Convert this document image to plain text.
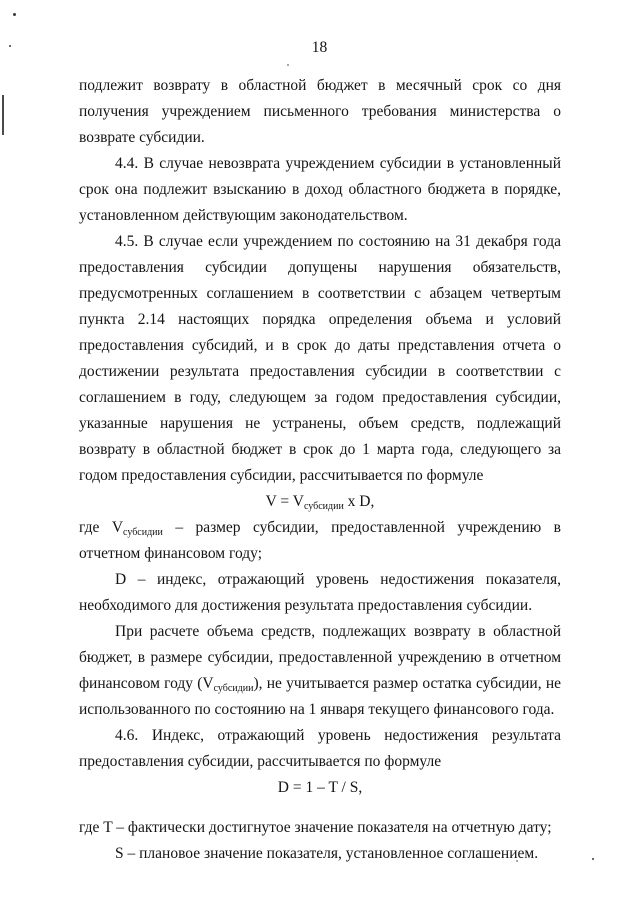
18

подлежит возврату в областной бюджет в месячный срок со дня получения учреждением письменного требования министерства о возврате субсидии.

4.4. В случае невозврата учреждением субсидии в установленный срок она подлежит взысканию в доход областного бюджета в порядке, установленном действующим законодательством.

4.5. В случае если учреждением по состоянию на 31 декабря года предоставления субсидии допущены нарушения обязательств, предусмотренных соглашением в соответствии с абзацем четвертым пункта 2.14 настоящих порядка определения объема и условий предоставления субсидий, и в срок до даты представления отчета о достижении результата предоставления субсидии в соответствии с соглашением в году, следующем за годом предоставления субсидии, указанные нарушения не устранены, объем средств, подлежащий возврату в областной бюджет в срок до 1 марта года, следующего за годом предоставления субсидии, рассчитывается по формуле

$V = V_{субсидии}$ x D,

где $V_{субсидии}$ – размер субсидии, предоставленной учреждению в отчетном финансовом году;

D – индекс, отражающий уровень недостижения показателя, необходимого для достижения результата предоставления субсидии.

При расчете объема средств, подлежащих возврату в областной бюджет, в размере субсидии, предоставленной учреждению в отчетном финансовом году $(V_{субсидии})$, не учитывается размер остатка субсидии, не использованного по состоянию на 1 января текущего финансового года.

4.6. Индекс, отражающий уровень недостижения результата предоставления субсидии, рассчитывается по формуле

D = 1 – T / S,

где T – фактически достигнутое значение показателя на отчетную дату;

S – плановое значение показателя, установленное соглашением.
